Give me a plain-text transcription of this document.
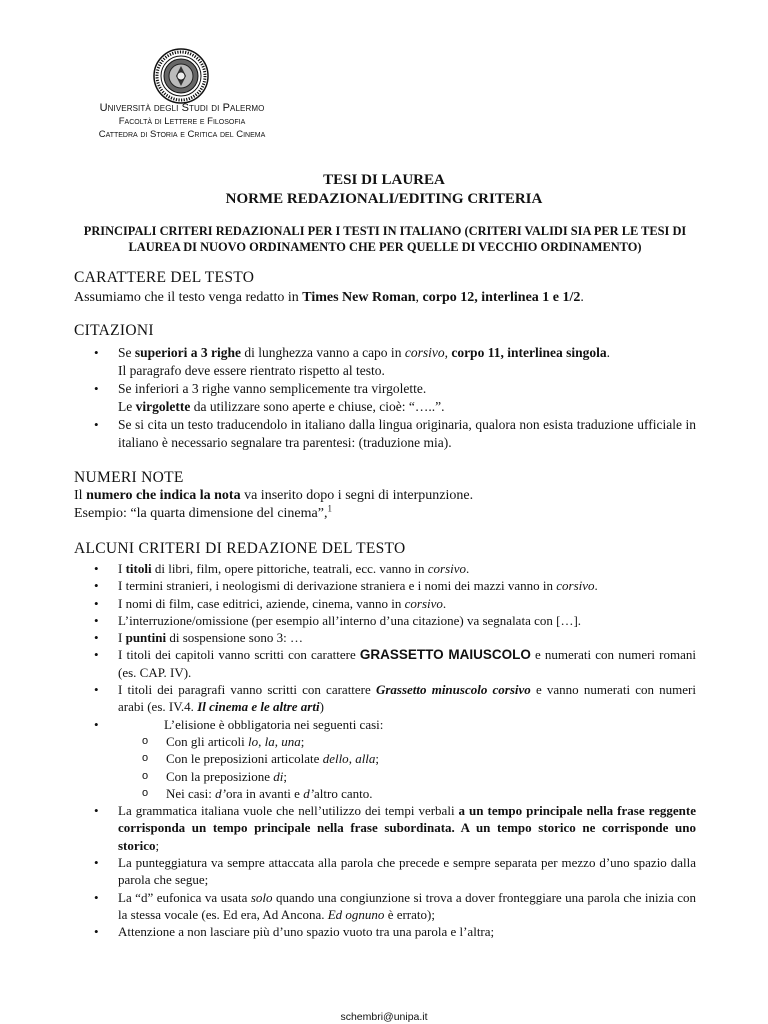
Università degli Studi di Palermo
Facoltà di Lettere e Filosofia
Cattedra di Storia e Critica del Cinema
TESI DI LAUREA
NORME REDAZIONALI/EDITING CRITERIA
PRINCIPALI CRITERI REDAZIONALI PER I TESTI IN ITALIANO (CRITERI VALIDI SIA PER LE TESI DI LAUREA DI NUOVO ORDINAMENTO CHE PER QUELLE DI VECCHIO ORDINAMENTO)
CARATTERE DEL TESTO
Assumiamo che il testo venga redatto in Times New Roman, corpo 12, interlinea 1 e 1/2.
CITAZIONI
• Se superiori a 3 righe di lunghezza vanno a capo in corsivo, corpo 11, interlinea singola.
Il paragrafo deve essere rientrato rispetto al testo.
• Se inferiori a 3 righe vanno semplicemente tra virgolette.
Le virgolette da utilizzare sono aperte e chiuse, cioè: “…..”.
• Se si cita un testo traducendolo in italiano dalla lingua originaria, qualora non esista traduzione ufficiale in italiano è necessario segnalare tra parentesi: (traduzione mia).
NUMERI NOTE
Il numero che indica la nota va inserito dopo i segni di interpunzione.
Esempio: “la quarta dimensione del cinema”,$^1$
ALCUNI CRITERI DI REDAZIONE DEL TESTO
• I titoli di libri, film, opere pittoriche, teatrali, ecc. vanno in corsivo.
• I termini stranieri, i neologismi di derivazione straniera e i nomi dei mazzi vanno in corsivo.
• I nomi di film, case editrici, aziende, cinema, vanno in corsivo.
• L’interruzione/omissione (per esempio all’interno d’una citazione) va segnalata con […].
• I puntini di sospensione sono 3: …
• I titoli dei capitoli vanno scritti con carattere GRASSETTO MAIUSCOLO e numerati con numeri romani (es. CAP. IV).
• I titoli dei paragrafi vanno scritti con carattere Grassetto minuscolo corsivo e vanno numerati con numeri arabi (es. IV.4. Il cinema e le altre arti)
•	L’elisione è obbligatoria nei seguenti casi:
o Con gli articoli lo, la, una;
o Con le preposizioni articolate dello, alla;
o Con la preposizione di;
o Nei casi: d’ora in avanti e d’altro canto.
• La grammatica italiana vuole che nell’utilizzo dei tempi verbali a un tempo principale nella frase reggente corrisponda un tempo principale nella frase subordinata. A un tempo storico ne corrisponde uno storico;
• La punteggiatura va sempre attaccata alla parola che precede e sempre separata per mezzo d’uno spazio dalla parola che segue;
• La “d” eufonica va usata solo quando una congiunzione si trova a dover fronteggiare una parola che inizia con la stessa vocale (es. Ed era, Ad Ancona. Ed ognuno è errato);
• Attenzione a non lasciare più d’uno spazio vuoto tra una parola e l’altra;
schembri@unipa.it
